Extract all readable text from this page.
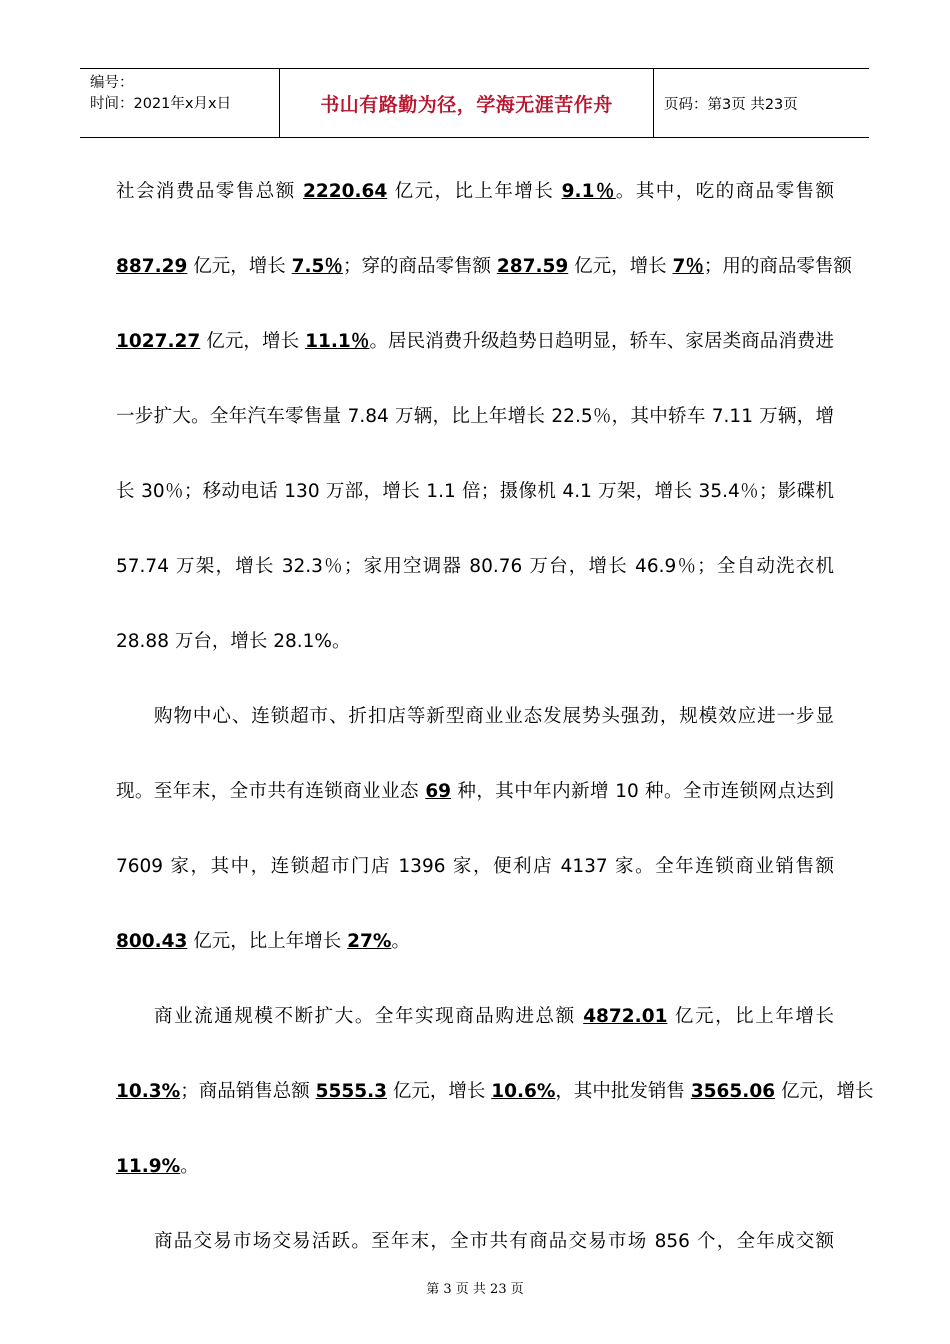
编号：
时间：2021年x月x日	书山有路勤为径，学海无涯苦作舟	页码：第3页 共23页
社会消费品零售总额 2220.64 亿元，比上年增长 9.1％。其中，吃的商品零售额
887.29 亿元，增长 7.5％；穿的商品零售额 287.59 亿元，增长 7％；用的商品零售额
1027.27 亿元，增长 11.1％。居民消费升级趋势日趋明显，轿车、家居类商品消费进
一步扩大。全年汽车零售量 7.84 万辆，比上年增长 22.5％，其中轿车 7.11 万辆，增
长 30％；移动电话 130 万部，增长 1.1 倍；摄像机 4.1 万架，增长 35.4％；影碟机
57.74 万架，增长 32.3％；家用空调器 80.76 万台，增长 46.9％；全自动洗衣机
28.88 万台，增长 28.1%。
购物中心、连锁超市、折扣店等新型商业业态发展势头强劲，规模效应进一步显
现。至年末，全市共有连锁商业业态 69 种，其中年内新增 10 种。全市连锁网点达到
7609 家，其中，连锁超市门店 1396 家，便利店 4137 家。全年连锁商业销售额
800.43 亿元，比上年增长 27%。
商业流通规模不断扩大。全年实现商品购进总额 4872.01 亿元，比上年增长
10.3%；商品销售总额 5555.3 亿元，增长 10.6%，其中批发销售 3565.06 亿元，增长
11.9%。
商品交易市场交易活跃。至年末，全市共有商品交易市场 856 个，全年成交额
第 3 页 共 23 页
